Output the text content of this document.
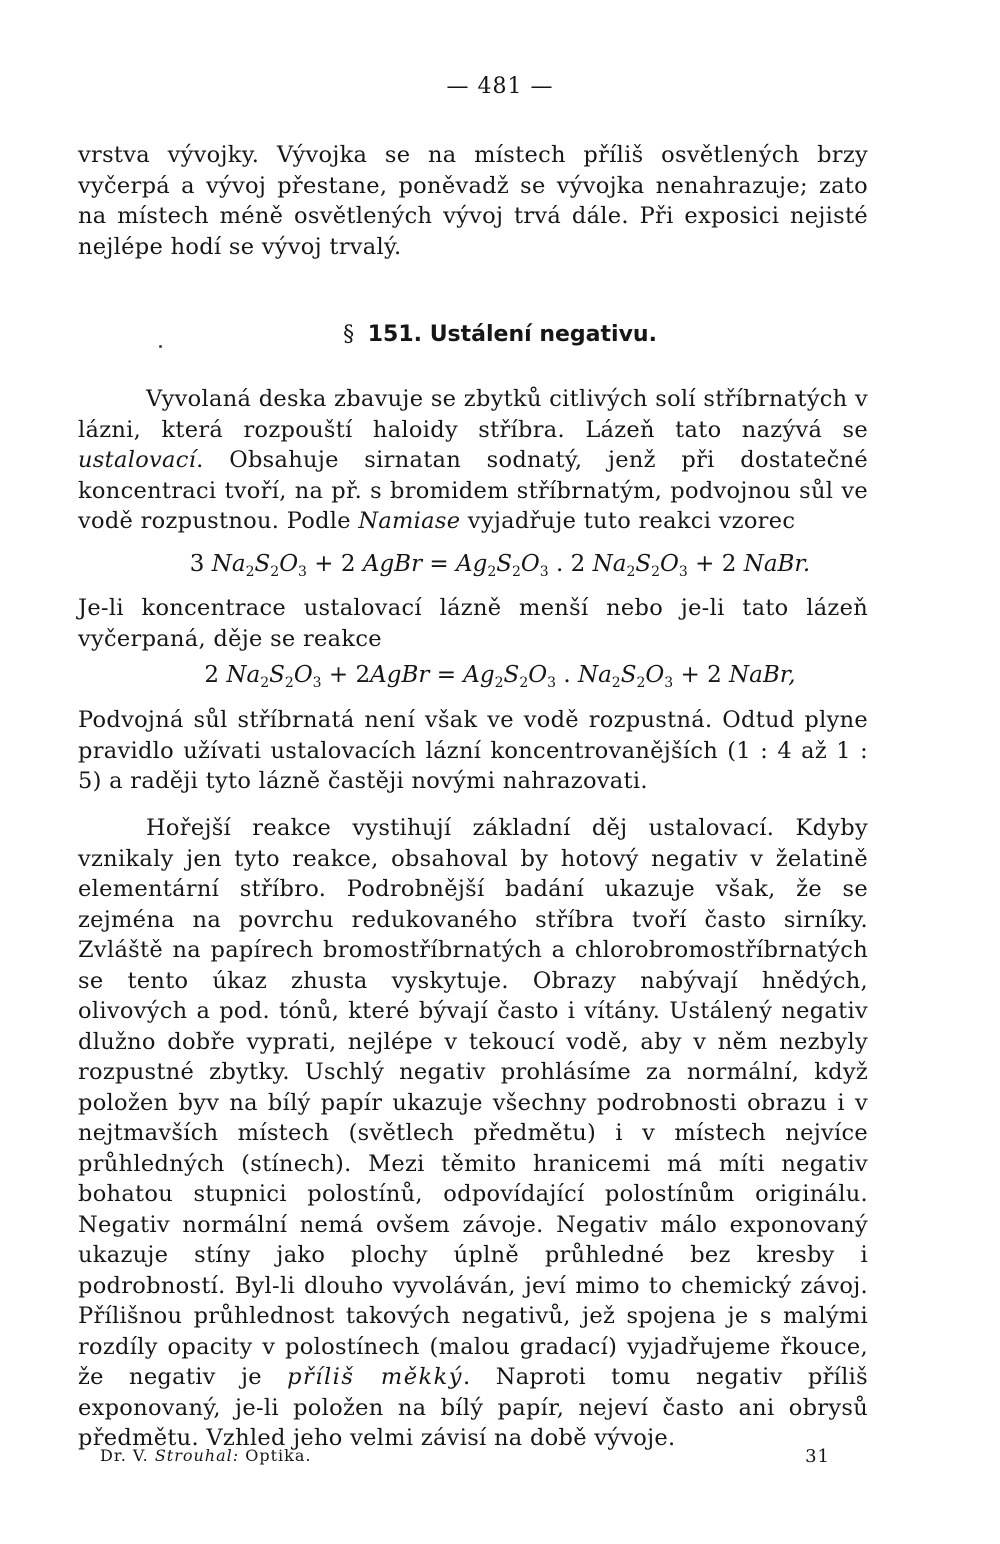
— 481 —

vrstva vývojky. Vývojka se na místech příliš osvětlených brzy vyčerpá a vývoj přestane, poněvadž se vývojka nenahrazuje; zato na místech méně osvětlených vývoj trvá dále. Při exposici nejisté nejlépe hodí se vývoj trvalý.

§ 151. Ustálení negativu.

Vyvolaná deska zbavuje se zbytků citlivých solí stříbrnatých v lázni, která rozpouští haloidy stříbra. Lázeň tato nazývá se ustalovací. Obsahuje sirnatan sodnatý, jenž při dostatečné koncentraci tvoří, na př. s bromidem stříbrnatým, podvojnou sůl ve vodě rozpustnou. Podle Namiase vyjadřuje tuto reakci vzorec

3 $Na_2S_2O_3 + 2$ AgBr = $Ag_2S_2O_3$ . 2 $Na_2S_2O_3 + 2$ NaBr.

Je-li koncentrace ustalovací lázně menší nebo je-li tato lázeň vyčerpaná, děje se reakce

2 $Na_2S_2O_3$ + 2AgBr = $Ag_2S_2O_3$ . $Na_2S_2O_3 + 2$ NaBr,

Podvojná sůl stříbrnatá není však ve vodě rozpustná. Odtud plyne pravidlo užívati ustalovacích lázní koncentrovanějších (1 : 4 až 1 : 5) a raději tyto lázně častěji novými nahrazovati.

Hořejší reakce vystihují základní děj ustalovací. Kdyby vznikaly jen tyto reakce, obsahoval by hotový negativ v želatině elementární stříbro. Podrobnější badání ukazuje však, že se zejména na povrchu redukovaného stříbra tvoří často sirníky. Zvláště na papírech bromostříbrnatých a chlorobromostříbrnatých se tento úkaz zhusta vyskytuje. Obrazy nabývají hnědých, olivových a pod. tónů, které bývají často i vítány. Ustálený negativ dlužno dobře vyprati, nejlépe v tekoucí vodě, aby v něm nezbyly rozpustné zbytky. Uschlý negativ prohlásíme za normální, když položen byv na bílý papír ukazuje všechny podrobnosti obrazu i v nejtmavších místech (světlech předmětu) i v místech nejvíce průhledných (stínech). Mezi těmito hranicemi má míti negativ bohatou stupnici polostínů, odpovídající polostínům originálu. Negativ normální nemá ovšem závoje. Negativ málo exponovaný ukazuje stíny jako plochy úplně průhledné bez kresby i podrobností. Byl-li dlouho vyvoláván, jeví mimo to chemický závoj. Přílišnou průhlednost takových negativů, jež spojena je s malými rozdíly opacity v polostínech (malou gradací) vyjadřujeme řkouce, že negativ je příliš měkký. Naproti tomu negativ příliš exponovaný, je-li položen na bílý papír, nejeví často ani obrysů předmětu. Vzhled jeho velmi závisí na době vývoje.

Dr. V. Strouhal: Optika.	31
